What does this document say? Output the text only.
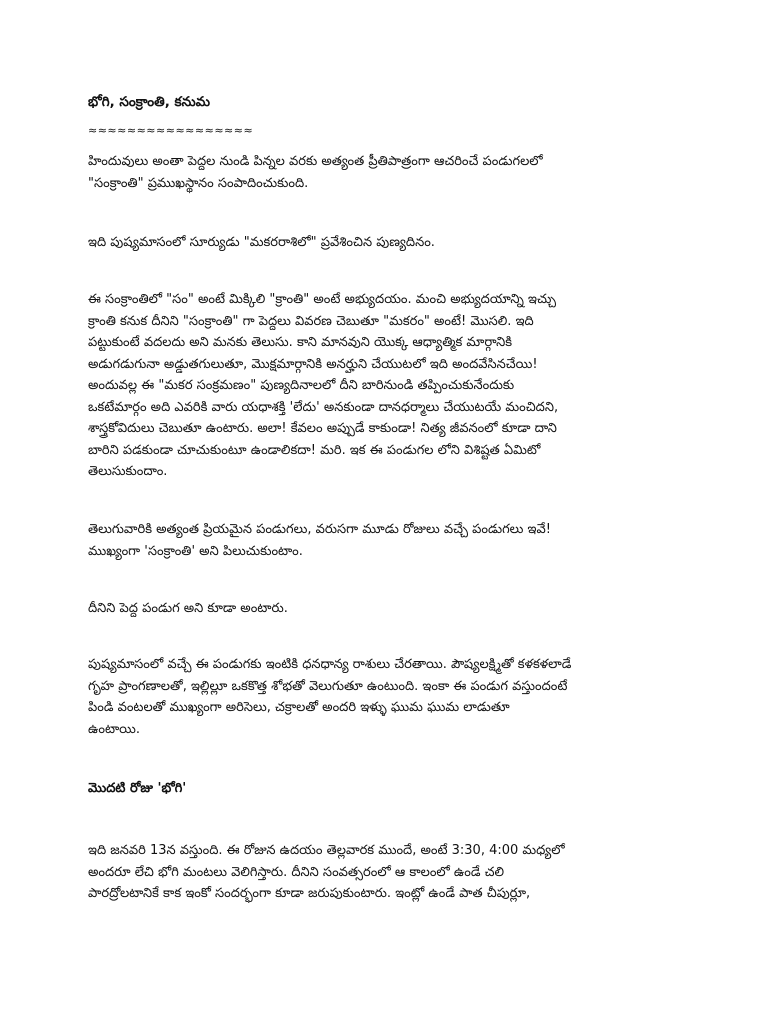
భోగి, సంక్రాంతి, కనుమ
≈≈≈≈≈≈≈≈≈≈≈≈≈≈≈≈≈
హిందువులు అంతా పెద్దల నుండి పిన్నల వరకు అత్యంత ప్రీతిపాత్రంగా ఆచరించే పండుగలలో
"సంక్రాంతి" ప్రముఖస్థానం సంపాదించుకుంది.
ఇది పుష్యమాసంలో సూర్యుడు "మకరరాశిలో" ప్రవేశించిన పుణ్యదినం.
ఈ సంక్రాంతిలో "సం" అంటే మిక్కిలి "క్రాంతి" అంటే అభ్యుదయం. మంచి అభ్యుదయాన్ని ఇచ్చు
క్రాంతి కనుక దీనిని "సంక్రాంతి" గా పెద్దలు వివరణ చెబుతూ "మకరం" అంటే! మొసలి. ఇది
పట్టుకుంటే వదలదు అని మనకు తెలుసు. కాని మానవుని యొక్క ఆధ్యాత్మిక మార్గానికి
అడుగడుగునా అడ్డుతగులుతూ, మొక్షమార్గానికి అనర్హుని చేయుటలో ఇది అందవేసినచేయి!
అందువల్ల ఈ "మకర సంక్రమణం" పుణ్యదినాలలో దీని బారినుండి తప్పించుకునేందుకు
ఒకటేమార్గం అది ఎవరికి వారు యధాశక్తి 'లేదు' అనకుండా దానధర్మాలు చేయుటయే మంచిదని,
శాస్త్రకోవిదులు చెబుతూ ఉంటారు. అలా! కేవలం అప్పుడే కాకుండా! నిత్య జీవనంలో కూడా దాని
బారిని పడకుండా చూచుకుంటూ ఉండాలికదా! మరి. ఇక ఈ పండుగల లోని విశిష్టత ఏమిటో
తెలుసుకుందాం.
తెలుగువారికి అత్యంత ప్రియమైన పండుగలు, వరుసగా మూడు రోజులు వచ్చే పండుగలు ఇవే!
ముఖ్యంగా 'సంక్రాంతి' అని పిలుచుకుంటాం.
దీనిని పెద్ద పండుగ అని కూడా అంటారు.
పుష్యమాసంలో వచ్చే ఈ పండుగకు ఇంటికి ధనధాన్య రాశులు చేరతాయి. పౌష్యలక్ష్మితో కళకళలాడే
గృహ ప్రాంగణాలతో, ఇల్లిల్లూ ఒకకొత్త శోభతో వెలుగుతూ ఉంటుంది. ఇంకా ఈ పండుగ వస్తుందంటే
పిండి వంటలతో ముఖ్యంగా అరిసెలు, చక్రాలతో అందరి ఇళ్ళు ఘుమ ఘుమ లాడుతూ
ఉంటాయి.
మొదటి రోజు 'భోగి'
ఇది జనవరి 13న వస్తుంది. ఈ రోజున ఉదయం తెల్లవారక ముందే, అంటే 3:30, 4:00 మధ్యలో
అందరూ లేచి భోగి మంటలు వెలిగిస్తారు. దీనిని సంవత్సరంలో ఆ కాలంలో ఉండే చలి
పారద్రోలటానికే కాక ఇంకో సందర్భంగా కూడా జరుపుకుంటారు. ఇంట్లో ఉండే పాత చీపుర్లూ,
